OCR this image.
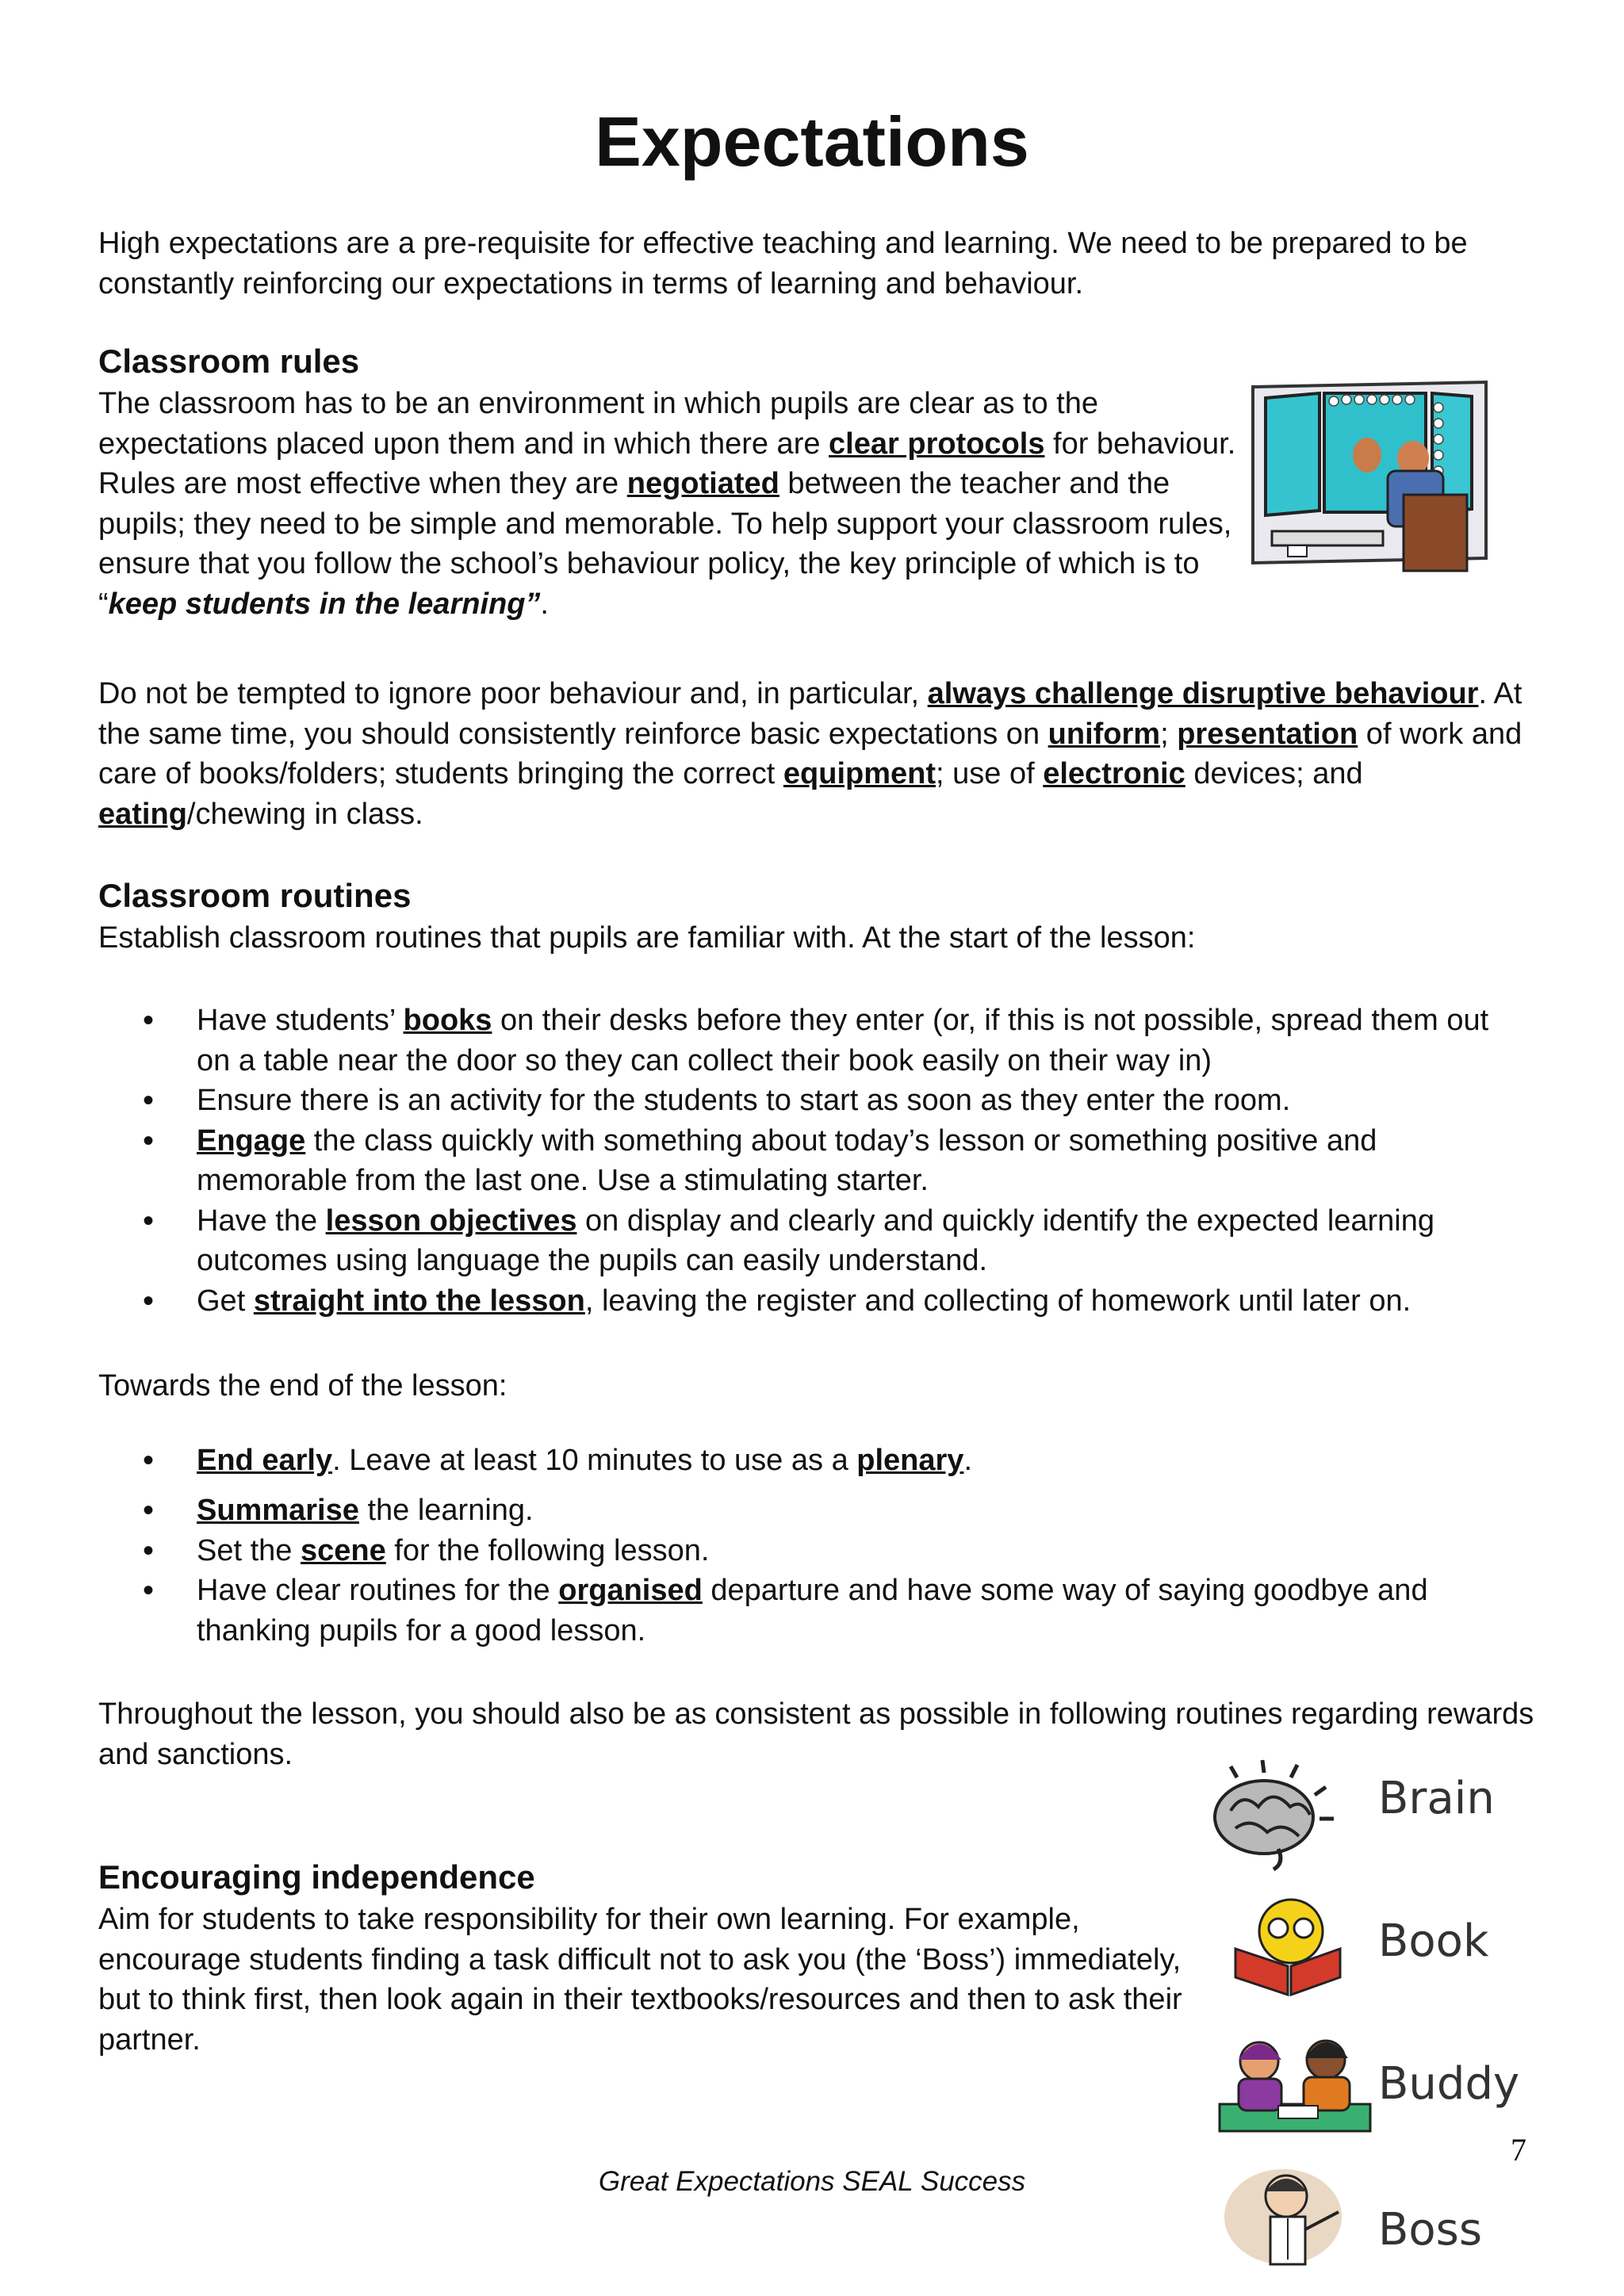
Expectations

High expectations are a pre-requisite for effective teaching and learning. We need to be prepared to be constantly reinforcing our expectations in terms of learning and behaviour.

Classroom rules

The classroom has to be an environment in which pupils are clear as to the expectations placed upon them and in which there are clear protocols for behaviour. Rules are most effective when they are negotiated between the teacher and the pupils; they need to be simple and memorable. To help support your classroom rules, ensure that you follow the school’s behaviour policy, the key principle of which is to “keep students in the learning”.

Do not be tempted to ignore poor behaviour and, in particular, always challenge disruptive behaviour. At the same time, you should consistently reinforce basic expectations on uniform; presentation of work and care of books/folders; students bringing the correct equipment; use of electronic devices; and eating/chewing in class.

Classroom routines

Establish classroom routines that pupils are familiar with. At the start of the lesson:

• Have students’ books on their desks before they enter (or, if this is not possible, spread them out on a table near the door so they can collect their book easily on their way in)
• Ensure there is an activity for the students to start as soon as they enter the room.
• Engage the class quickly with something about today’s lesson or something positive and memorable from the last one. Use a stimulating starter.
• Have the lesson objectives on display and clearly and quickly identify the expected learning outcomes using language the pupils can easily understand.
• Get straight into the lesson, leaving the register and collecting of homework until later on.

Towards the end of the lesson:

• End early. Leave at least 10 minutes to use as a plenary.
• Summarise the learning.
• Set the scene for the following lesson.
• Have clear routines for the organised departure and have some way of saying goodbye and thanking pupils for a good lesson.

Throughout the lesson, you should also be as consistent as possible in following routines regarding rewards and sanctions.

Encouraging independence

Aim for students to take responsibility for their own learning. For example, encourage students finding a task difficult not to ask you (the ‘Boss’) immediately, but to think first, then look again in their textbooks/resources and then to ask their partner.

Brain
Book
Buddy
Boss
7
Great Expectations SEAL Success
